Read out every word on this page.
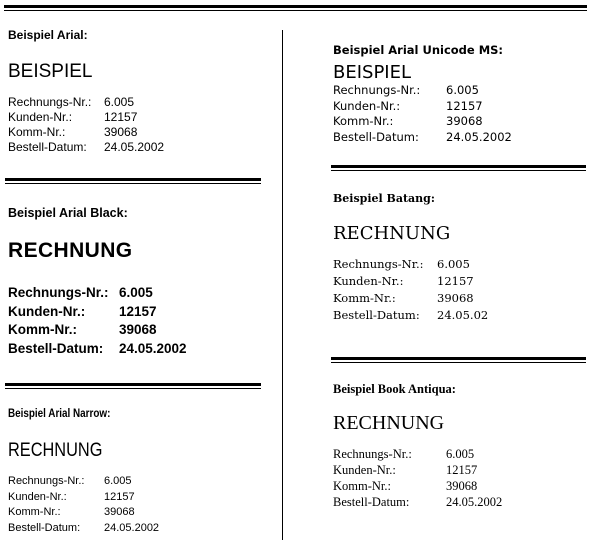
Beispiel Arial:
BEISPIEL
Rechnungs-Nr.:	6.005
Kunden-Nr.:	12157
Komm-Nr.:	39068
Bestell-Datum:	24.05.2002
Beispiel Arial Black:
RECHNUNG
Rechnungs-Nr.: 6.005
Kunden-Nr.:	12157
Komm-Nr.:	39068
Bestell-Datum:	24.05.2002
Beispiel Arial Narrow:
RECHNUNG
Rechnungs-Nr.:	6.005
Kunden-Nr.:	12157
Komm-Nr.:	39068
Bestell-Datum:	24.05.2002
Beispiel Arial Unicode MS:
BEISPIEL
Rechnungs-Nr.:	6.005
Kunden-Nr.:	12157
Komm-Nr.:	39068
Bestell-Datum:	24.05.2002
Beispiel Batang:
RECHNUNG
Rechnungs-Nr.:	6.005
Kunden-Nr.:	12157
Komm-Nr.:	39068
Bestell-Datum:	24.05.02
Beispiel Book Antiqua:
RECHNUNG
Rechnungs-Nr.:	6.005
Kunden-Nr.:	12157
Komm-Nr.:	39068
Bestell-Datum:	24.05.2002
